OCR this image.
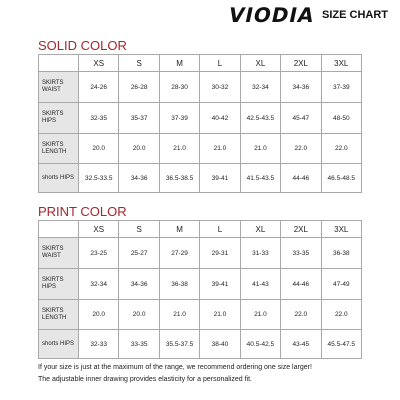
VIODIA SIZE CHART
SOLID COLOR
	XS	S	M	L	XL	2XL	3XL
SKIRTS WAIST	24-26	26-28	28-30	30-32	32-34	34-36	37-39
SKIRTS HIPS	32-35	35-37	37-39	40-42	42.5-43.5	45-47	48-50
SKIRTS LENGTH	20.0	20.0	21.0	21.0	21.0	22.0	22.0
shorts HIPS	32.5-33.5	34-36	36.5-38.5	39-41	41.5-43.5	44-46	46.5-48.5
PRINT COLOR
	XS	S	M	L	XL	2XL	3XL
SKIRTS WAIST	23-25	25-27	27-29	29-31	31-33	33-35	36-38
SKIRTS HIPS	32-34	34-36	36-38	39-41	41-43	44-46	47-49
SKIRTS LENGTH	20.0	20.0	21.0	21.0	21.0	22.0	22.0
shorts HIPS	32-33	33-35	35.5-37.5	38-40	40.5-42.5	43-45	45.5-47.5
If your size is just at the maximum of the range, we recommend ordering one size larger!
The adjustable inner drawing provides elasticity for a personalized fit.
